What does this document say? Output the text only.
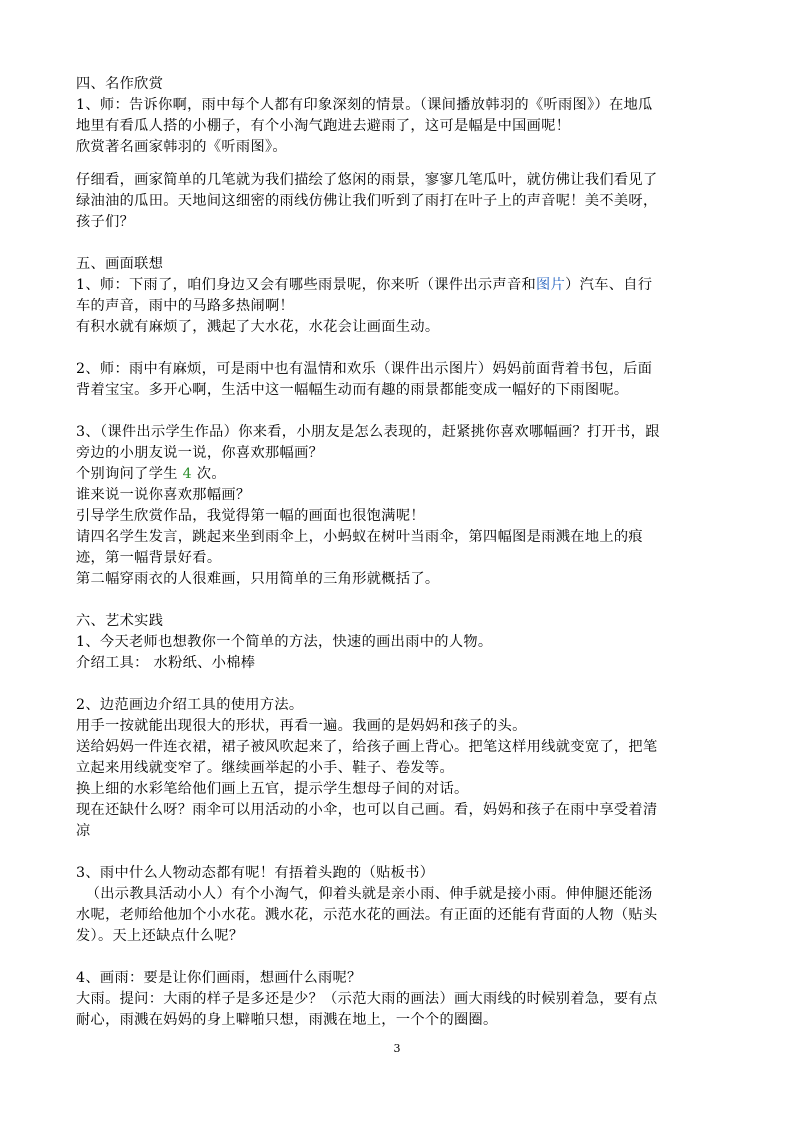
四、名作欣赏
1、师：告诉你啊，雨中每个人都有印象深刻的情景。（课间播放韩羽的《听雨图》）在地瓜
地里有看瓜人搭的小棚子，有个小淘气跑进去避雨了，这可是幅是中国画呢！
欣赏著名画家韩羽的《听雨图》。
仔细看，画家简单的几笔就为我们描绘了悠闲的雨景，寥寥几笔瓜叶，就仿佛让我们看见了
绿油油的瓜田。天地间这细密的雨线仿佛让我们听到了雨打在叶子上的声音呢！美不美呀，
孩子们？
五、画面联想
1、师：下雨了，咱们身边又会有哪些雨景呢，你来听（课件出示声音和图片）汽车、自行
车的声音，雨中的马路多热闹啊！
有积水就有麻烦了，溅起了大水花，水花会让画面生动。
2、师：雨中有麻烦，可是雨中也有温情和欢乐（课件出示图片）妈妈前面背着书包，后面
背着宝宝。多开心啊，生活中这一幅幅生动而有趣的雨景都能变成一幅好的下雨图呢。
3、（课件出示学生作品）你来看，小朋友是怎么表现的，赶紧挑你喜欢哪幅画？打开书，跟
旁边的小朋友说一说，你喜欢那幅画？
个别询问了学生 4 次。
谁来说一说你喜欢那幅画？
引导学生欣赏作品，我觉得第一幅的画面也很饱满呢！
请四名学生发言，跳起来坐到雨伞上，小蚂蚁在树叶当雨伞，第四幅图是雨溅在地上的痕
迹，第一幅背景好看。
第二幅穿雨衣的人很难画，只用简单的三角形就概括了。
六、艺术实践
1、今天老师也想教你一个简单的方法，快速的画出雨中的人物。
介绍工具： 水粉纸、小棉棒
2、边范画边介绍工具的使用方法。
用手一按就能出现很大的形状，再看一遍。我画的是妈妈和孩子的头。
送给妈妈一件连衣裙，裙子被风吹起来了，给孩子画上背心。把笔这样用线就变宽了，把笔
立起来用线就变窄了。继续画举起的小手、鞋子、卷发等。
换上细的水彩笔给他们画上五官，提示学生想母子间的对话。
现在还缺什么呀？雨伞可以用活动的小伞，也可以自己画。看，妈妈和孩子在雨中享受着清
凉
3、雨中什么人物动态都有呢！有捂着头跑的（贴板书）
（出示教具活动小人）有个小淘气，仰着头就是亲小雨、伸手就是接小雨。伸伸腿还能汤
水呢，老师给他加个小水花。溅水花，示范水花的画法。有正面的还能有背面的人物（贴头
发）。天上还缺点什么呢？
4、画雨：要是让你们画雨，想画什么雨呢？
大雨。提问：大雨的样子是多还是少？（示范大雨的画法）画大雨线的时候别着急，要有点
耐心，雨溅在妈妈的身上噼啪只想，雨溅在地上，一个个的圈圈。
3
